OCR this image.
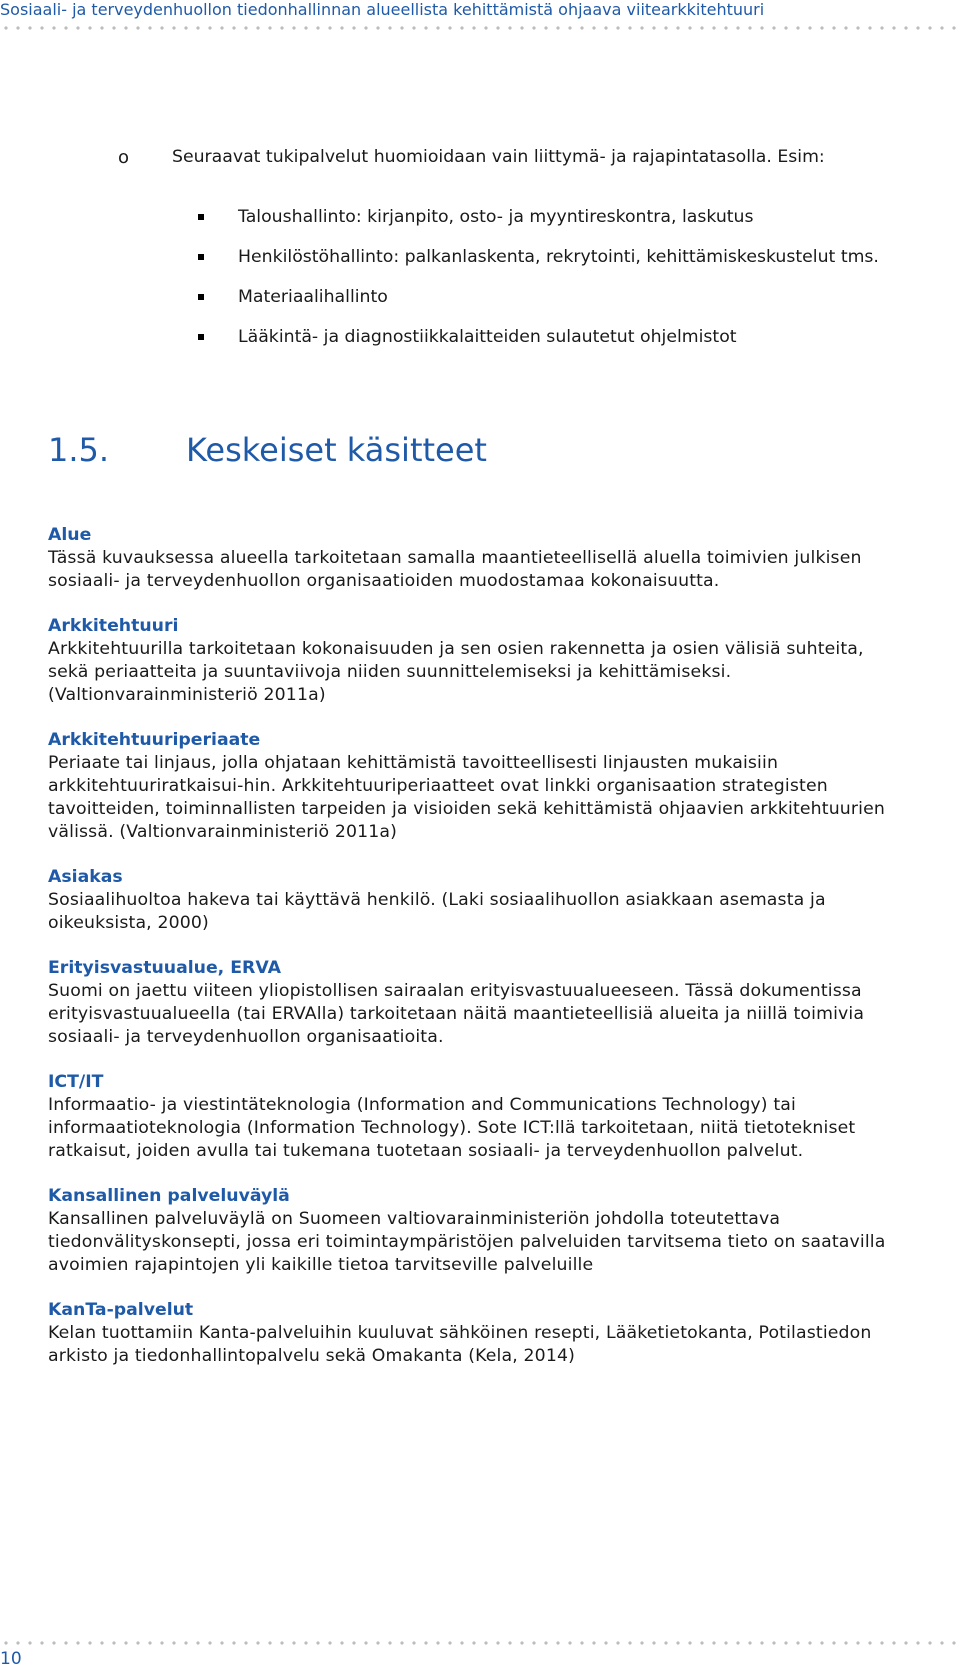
Sosiaali- ja terveydenhuollon tiedonhallinnan alueellista kehittämistä ohjaava viitearkkitehtuuri
o Seuraavat tukipalvelut huomioidaan vain liittymä- ja rajapintatasolla. Esim:
Taloushallinto: kirjanpito, osto- ja myyntireskontra, laskutus
Henkilöstöhallinto: palkanlaskenta, rekrytointi, kehittämiskeskustelut tms.
Materiaalihallinto
Lääkintä- ja diagnostiikkalaitteiden sulautetut ohjelmistot
1.5. Keskeiset käsitteet
Alue
Tässä kuvauksessa alueella tarkoitetaan samalla maantieteellisellä aluella toimivien julkisen sosiaali- ja terveydenhuollon organisaatioiden muodostamaa kokonaisuutta.
Arkkitehtuuri
Arkkitehtuurilla tarkoitetaan kokonaisuuden ja sen osien rakennetta ja osien välisiä suhteita, sekä periaatteita ja suuntaviivoja niiden suunnittelemiseksi ja kehittämiseksi. (Valtionvarainministeriö 2011a)
Arkkitehtuuriperiaate
Periaate tai linjaus, jolla ohjataan kehittämistä tavoitteellisesti linjausten mukaisiin arkkitehtuuriratkaisui-hin. Arkkitehtuuriperiaatteet ovat linkki organisaation strategisten tavoitteiden, toiminnallisten tarpeiden ja visioiden sekä kehittämistä ohjaavien arkkitehtuurien välissä. (Valtionvarainministeriö 2011a)
Asiakas
Sosiaalihuoltoa hakeva tai käyttävä henkilö. (Laki sosiaalihuollon asiakkaan asemasta ja oikeuksista, 2000)
Erityisvastuualue, ERVA
Suomi on jaettu viiteen yliopistollisen sairaalan erityisvastuualueeseen. Tässä dokumentissa erityisvastuualueella (tai ERVAlla) tarkoitetaan näitä maantieteellisiä alueita ja niillä toimivia sosiaali- ja terveydenhuollon organisaatioita.
ICT/IT
Informaatio- ja viestintäteknologia (Information and Communications Technology) tai informaatioteknologia (Information Technology). Sote ICT:llä tarkoitetaan, niitä tietotekniset ratkaisut, joiden avulla tai tukemana tuotetaan sosiaali- ja terveydenhuollon palvelut.
Kansallinen palveluväylä
Kansallinen palveluväylä on Suomeen valtiovarainministeriön johdolla toteutettava tiedonvälityskonsepti, jossa eri toimintaympäristöjen palveluiden tarvitsema tieto on saatavilla avoimien rajapintojen yli kaikille tietoa tarvitseville palveluille
KanTa-palvelut
Kelan tuottamiin Kanta-palveluihin kuuluvat sähköinen resepti, Lääketietokanta, Potilastiedon arkisto ja tiedonhallintopalvelu sekä Omakanta (Kela, 2014)
10
